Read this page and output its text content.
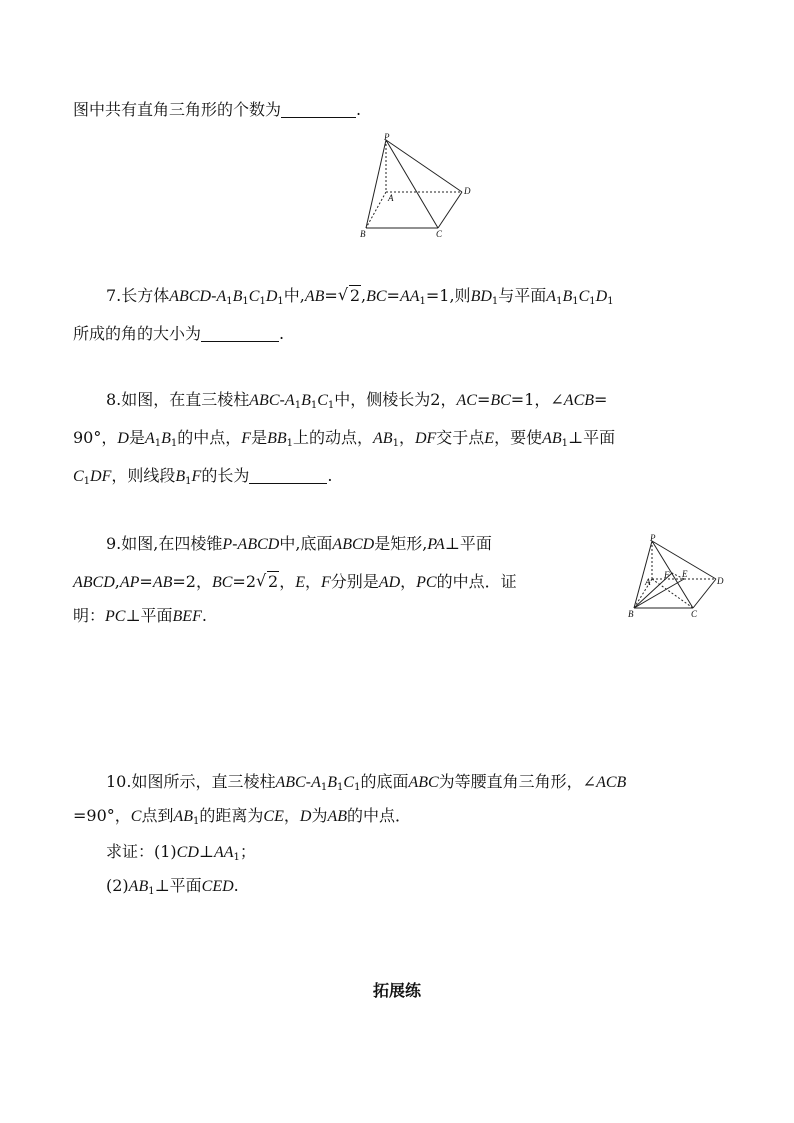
图中共有直角三角形的个数为	.
P
A
D
B	C
7.长方体ABCD-$A_1B_1C_1D_1$中,AB= √ $2,BC=AA_1=1$,则$BD_1$与平面$A_1B_1C_1D_1$
所成的角的大小为	.
8.如图，在直三棱柱ABC-$A_1B_1C_1$中，侧棱长为2，AC=BC=1，∠ACB=
90°，D是$A_1B_1$的中点，F是$BB_1$上的动点，$AB_1$，DF交于点E，要使$AB_1\perp$平面
$C_1DF$，则线段$B_1F$的长为	.
9.如图,在四棱锥P-ABCD中,底面ABCD是矩形,PA⊥平面
ABCD,AP=AB=2，BC=2 √ 2，E，F分别是AD，PC的中点．证
明：PC⊥平面BEF.
P
A
F E
D
B	C
10.如图所示，直三棱柱ABC-$A_1B_1C_1$的底面ABC为等腰直角三角形，∠ACB
=90°，C点到$AB_1$的距离为CE，D为AB的中点．
求证：$(1)CD\perp AA_1$；
$(2)AB_1\perp$平面CED.
拓展练
